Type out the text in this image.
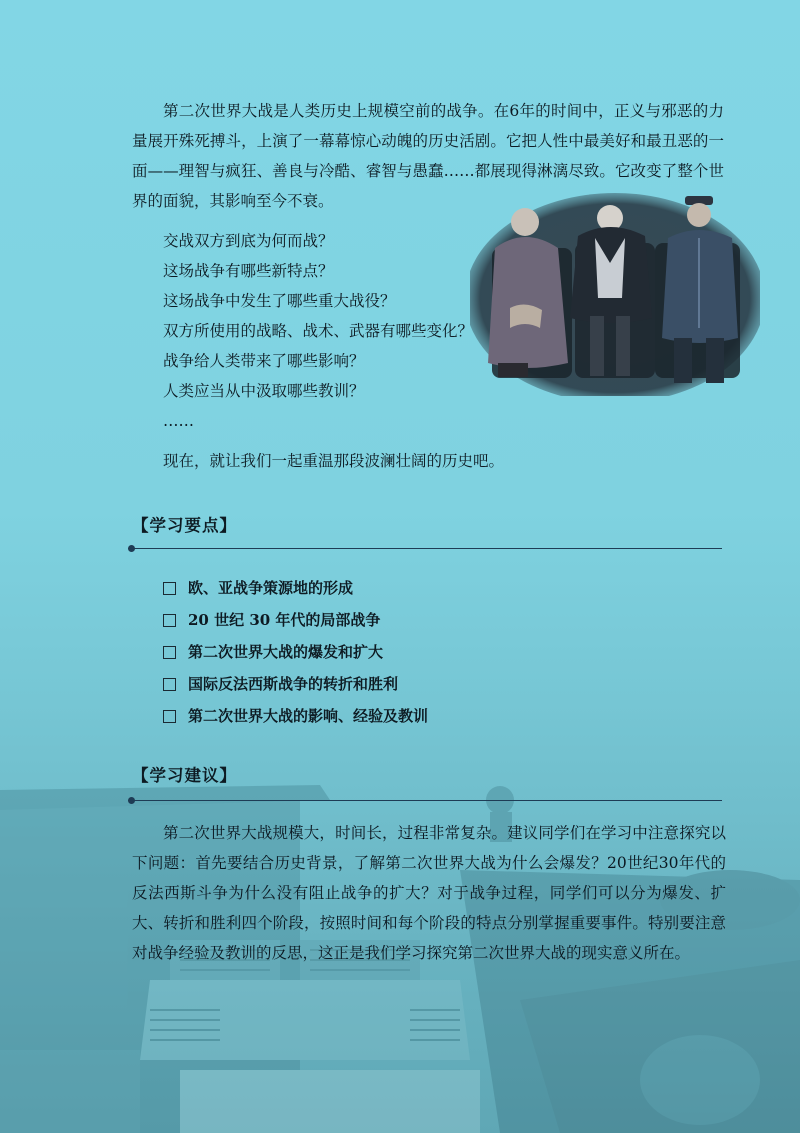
第二次世界大战是人类历史上规模空前的战争。在6年的时间中，正义与邪恶的力量展开殊死搏斗，上演了一幕幕惊心动魄的历史活剧。它把人性中最美好和最丑恶的一面——理智与疯狂、善良与冷酷、睿智与愚蠢……都展现得淋漓尽致。它改变了整个世界的面貌，其影响至今不衰。

交战双方到底为何而战？
这场战争有哪些新特点？
这场战争中发生了哪些重大战役？
双方所使用的战略、战术、武器有哪些变化？
战争给人类带来了哪些影响？
人类应当从中汲取哪些教训？
……

现在，就让我们一起重温那段波澜壮阔的历史吧。

【学习要点】
欧、亚战争策源地的形成
20 世纪 30 年代的局部战争
第二次世界大战的爆发和扩大
国际反法西斯战争的转折和胜利
第二次世界大战的影响、经验及教训
【学习建议】

第二次世界大战规模大，时间长，过程非常复杂。建议同学们在学习中注意探究以下问题：首先要结合历史背景，了解第二次世界大战为什么会爆发？20世纪30年代的反法西斯斗争为什么没有阻止战争的扩大？对于战争过程，同学们可以分为爆发、扩大、转折和胜利四个阶段，按照时间和每个阶段的特点分别掌握重要事件。特别要注意对战争经验及教训的反思，这正是我们学习探究第二次世界大战的现实意义所在。
